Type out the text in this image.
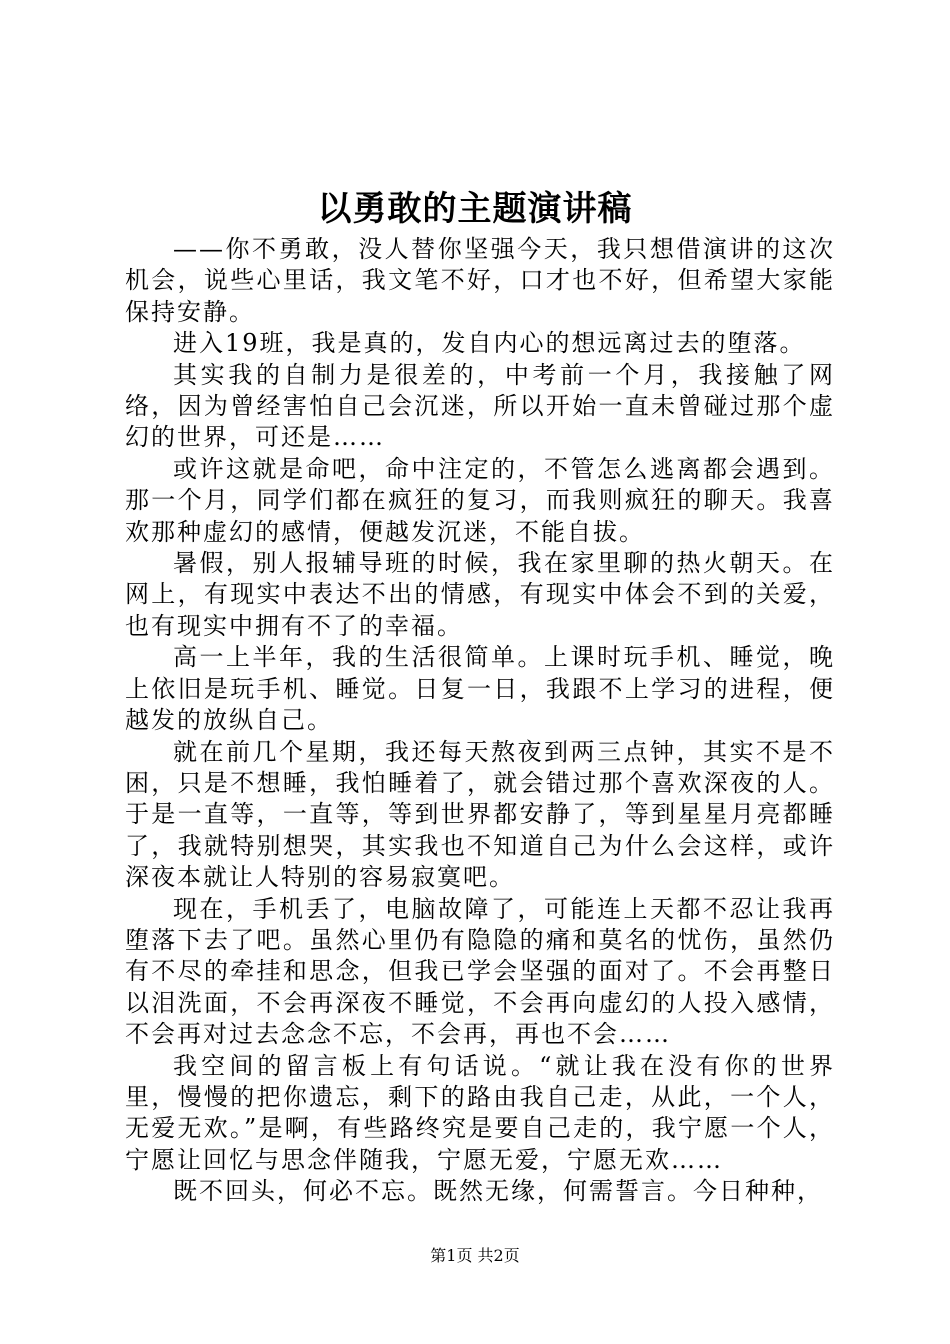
以勇敢的主题演讲稿

——你不勇敢，没人替你坚强今天，我只想借演讲的这次机会，说些心里话，我文笔不好，口才也不好，但希望大家能保持安静。

进入19班，我是真的，发自内心的想远离过去的堕落。

其实我的自制力是很差的，中考前一个月，我接触了网络，因为曾经害怕自己会沉迷，所以开始一直未曾碰过那个虚幻的世界，可还是……

或许这就是命吧，命中注定的，不管怎么逃离都会遇到。那一个月，同学们都在疯狂的复习，而我则疯狂的聊天。我喜欢那种虚幻的感情，便越发沉迷，不能自拔。

暑假，别人报辅导班的时候，我在家里聊的热火朝天。在网上，有现实中表达不出的情感，有现实中体会不到的关爱，也有现实中拥有不了的幸福。

高一上半年，我的生活很简单。上课时玩手机、睡觉，晚上依旧是玩手机、睡觉。日复一日，我跟不上学习的进程，便越发的放纵自己。

就在前几个星期，我还每天熬夜到两三点钟，其实不是不困，只是不想睡，我怕睡着了，就会错过那个喜欢深夜的人。于是一直等，一直等，等到世界都安静了，等到星星月亮都睡了，我就特别想哭，其实我也不知道自己为什么会这样，或许深夜本就让人特别的容易寂寞吧。

现在，手机丢了，电脑故障了，可能连上天都不忍让我再堕落下去了吧。虽然心里仍有隐隐的痛和莫名的忧伤，虽然仍有不尽的牵挂和思念，但我已学会坚强的面对了。不会再整日以泪洗面，不会再深夜不睡觉，不会再向虚幻的人投入感情，不会再对过去念念不忘，不会再，再也不会……

我空间的留言板上有句话说。“就让我在没有你的世界里，慢慢的把你遗忘，剩下的路由我自己走，从此，一个人，无爱无欢。”是啊，有些路终究是要自己走的，我宁愿一个人，宁愿让回忆与思念伴随我，宁愿无爱，宁愿无欢……

既不回头，何必不忘。既然无缘，何需誓言。今日种种，

第1页 共2页
